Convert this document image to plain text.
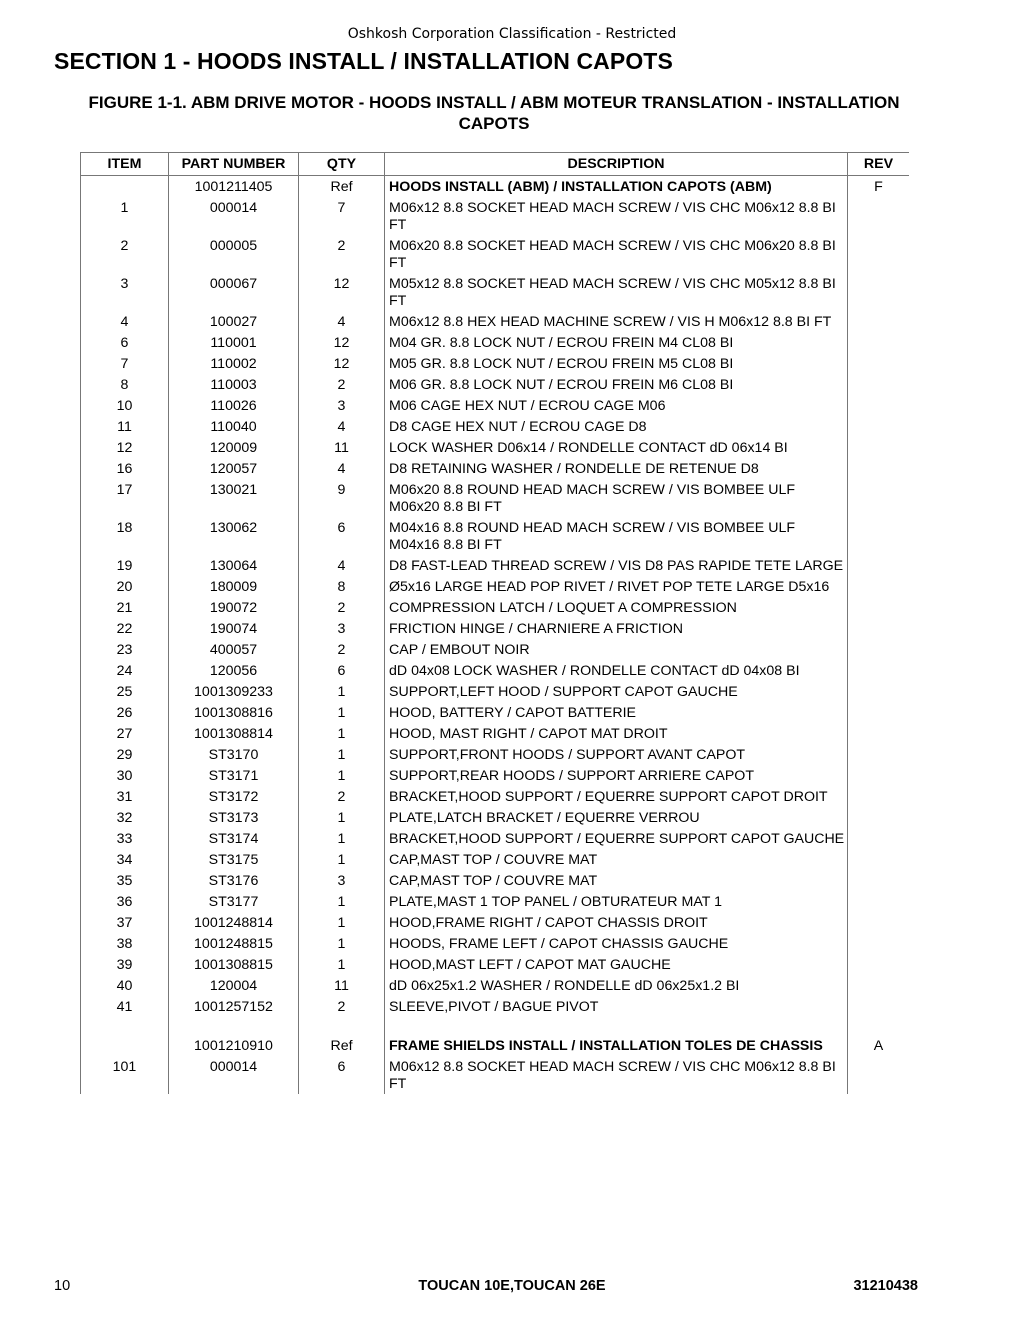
Oshkosh Corporation Classification - Restricted
SECTION 1 - HOODS INSTALL / INSTALLATION CAPOTS
FIGURE 1-1. ABM DRIVE MOTOR - HOODS INSTALL / ABM MOTEUR TRANSLATION - INSTALLATION CAPOTS
ITEM	PART NUMBER	QTY	DESCRIPTION	REV
	1001211405	Ref	HOODS INSTALL (ABM) / INSTALLATION CAPOTS (ABM)	F
1	000014	7	M06x12 8.8 SOCKET HEAD MACH SCREW / VIS CHC M06x12 8.8 BI FT	
2	000005	2	M06x20 8.8 SOCKET HEAD MACH SCREW / VIS CHC M06x20 8.8 BI FT	
3	000067	12	M05x12 8.8 SOCKET HEAD MACH SCREW / VIS CHC M05x12 8.8 BI FT	
4	100027	4	M06x12 8.8 HEX HEAD MACHINE SCREW / VIS H M06x12 8.8 BI FT	
6	110001	12	M04 GR. 8.8 LOCK NUT / ECROU FREIN M4 CL08 BI	
7	110002	12	M05 GR. 8.8 LOCK NUT / ECROU FREIN M5 CL08 BI	
8	110003	2	M06 GR. 8.8 LOCK NUT / ECROU FREIN M6 CL08 BI	
10	110026	3	M06 CAGE HEX NUT / ECROU CAGE M06	
11	110040	4	D8 CAGE HEX NUT / ECROU CAGE D8	
12	120009	11	LOCK WASHER D06x14 / RONDELLE CONTACT dD 06x14 BI	
16	120057	4	D8 RETAINING WASHER / RONDELLE DE RETENUE D8	
17	130021	9	M06x20 8.8 ROUND HEAD MACH SCREW / VIS BOMBEE ULF M06x20 8.8 BI FT	
18	130062	6	M04x16 8.8 ROUND HEAD MACH SCREW / VIS BOMBEE ULF M04x16 8.8 BI FT	
19	130064	4	D8 FAST-LEAD THREAD SCREW / VIS D8 PAS RAPIDE TETE LARGE	
20	180009	8	Ø5x16 LARGE HEAD POP RIVET / RIVET POP TETE LARGE D5x16	
21	190072	2	COMPRESSION LATCH / LOQUET A COMPRESSION	
22	190074	3	FRICTION HINGE / CHARNIERE A FRICTION	
23	400057	2	CAP / EMBOUT NOIR	
24	120056	6	dD 04x08 LOCK WASHER / RONDELLE CONTACT dD 04x08 BI	
25	1001309233	1	SUPPORT,LEFT HOOD / SUPPORT CAPOT GAUCHE	
26	1001308816	1	HOOD, BATTERY / CAPOT BATTERIE	
27	1001308814	1	HOOD, MAST RIGHT / CAPOT MAT DROIT	
29	ST3170	1	SUPPORT,FRONT HOODS / SUPPORT AVANT CAPOT	
30	ST3171	1	SUPPORT,REAR HOODS / SUPPORT ARRIERE CAPOT	
31	ST3172	2	BRACKET,HOOD SUPPORT / EQUERRE SUPPORT CAPOT DROIT	
32	ST3173	1	PLATE,LATCH BRACKET / EQUERRE VERROU	
33	ST3174	1	BRACKET,HOOD SUPPORT / EQUERRE SUPPORT CAPOT GAUCHE	
34	ST3175	1	CAP,MAST TOP / COUVRE MAT	
35	ST3176	3	CAP,MAST TOP / COUVRE MAT	
36	ST3177	1	PLATE,MAST 1 TOP PANEL / OBTURATEUR MAT 1	
37	1001248814	1	HOOD,FRAME RIGHT / CAPOT CHASSIS DROIT	
38	1001248815	1	HOODS, FRAME LEFT / CAPOT CHASSIS GAUCHE	
39	1001308815	1	HOOD,MAST LEFT / CAPOT MAT GAUCHE	
40	120004	11	dD 06x25x1.2 WASHER / RONDELLE dD 06x25x1.2 BI	
41	1001257152	2	SLEEVE,PIVOT / BAGUE PIVOT	

	1001210910	Ref	FRAME SHIELDS INSTALL / INSTALLATION TOLES DE CHASSIS	A
101	000014	6	M06x12 8.8 SOCKET HEAD MACH SCREW / VIS CHC M06x12 8.8 BI FT	
10	TOUCAN 10E,TOUCAN 26E	31210438
